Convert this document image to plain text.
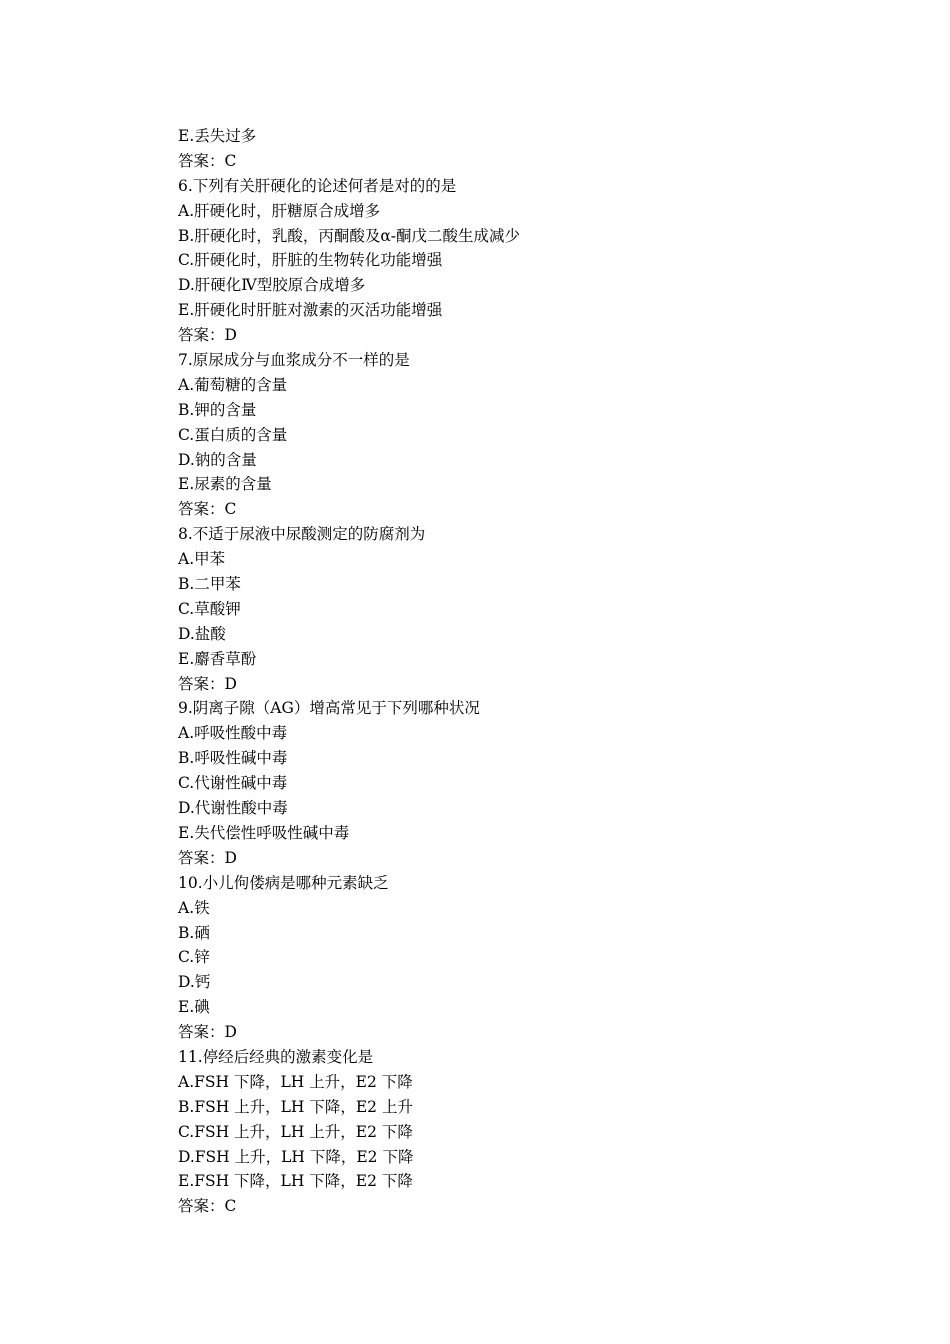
E.丢失过多
答案：C
6.下列有关肝硬化的论述何者是对的的是
A.肝硬化时，肝糖原合成增多
B.肝硬化时，乳酸，丙酮酸及α-酮戊二酸生成减少
C.肝硬化时，肝脏的生物转化功能增强
D.肝硬化Ⅳ型胶原合成增多
E.肝硬化时肝脏对激素的灭活功能增强
答案：D
7.原尿成分与血浆成分不一样的是
A.葡萄糖的含量
B.钾的含量
C.蛋白质的含量
D.钠的含量
E.尿素的含量
答案：C
8.不适于尿液中尿酸测定的防腐剂为
A.甲苯
B.二甲苯
C.草酸钾
D.盐酸
E.麝香草酚
答案：D
9.阴离子隙（AG）增高常见于下列哪种状况
A.呼吸性酸中毒
B.呼吸性碱中毒
C.代谢性碱中毒
D.代谢性酸中毒
E.失代偿性呼吸性碱中毒
答案：D
10.小儿佝偻病是哪种元素缺乏
A.铁
B.硒
C.锌
D.钙
E.碘
答案：D
11.停经后经典的激素变化是
A.FSH 下降，LH 上升，E2 下降
B.FSH 上升，LH 下降，E2 上升
C.FSH 上升，LH 上升，E2 下降
D.FSH 上升，LH 下降，E2 下降
E.FSH 下降，LH 下降，E2 下降
答案：C
